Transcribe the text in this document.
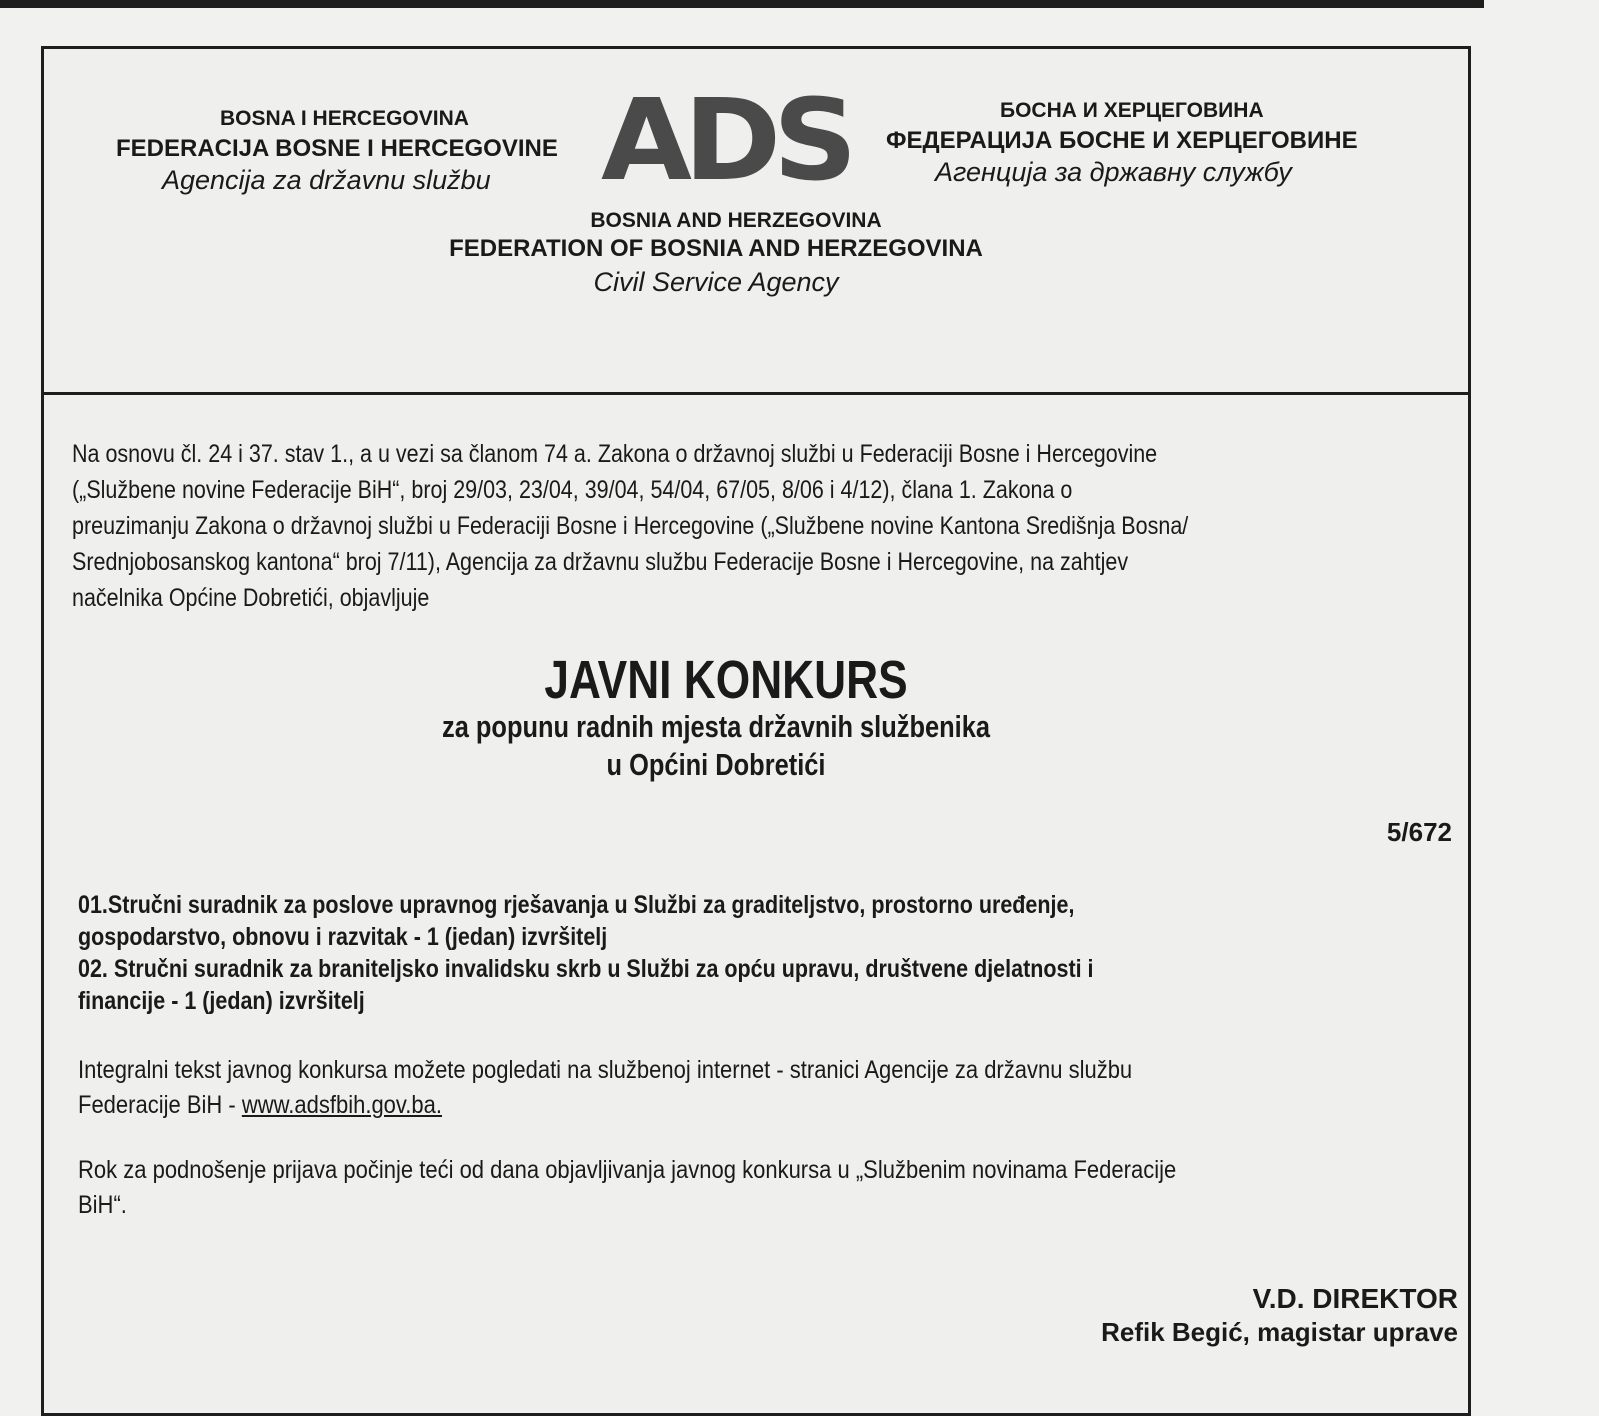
BOSNA I HERCEGOVINA
FEDERACIJA BOSNE I HERCEGOVINE
Agencija za državnu službu ADS	БОСНА И ХЕРЦЕГОВИНА
ФЕДЕРАЦИЈА БОСНЕ И ХЕРЦЕГОВИНЕ
Агенција за државну службу
BOSNIA AND HERZEGOVINA
FEDERATION OF BOSNIA AND HERZEGOVINA
Civil Service Agency
Na osnovu čl. 24 i 37. stav 1., a u vezi sa članom 74 a. Zakona o državnoj službi u Federaciji Bosne i Hercegovine
(„Službene novine Federacije BiH“, broj 29/03, 23/04, 39/04, 54/04, 67/05, 8/06 i 4/12), člana 1. Zakona o
preuzimanju Zakona o državnoj službi u Federaciji Bosne i Hercegovine („Službene novine Kantona Središnja Bosna/
Srednjobosanskog kantona“ broj 7/11), Agencija za državnu službu Federacije Bosne i Hercegovine, na zahtjev
načelnika Općine Dobretići, objavljuje
JAVNI KONKURS
za popunu radnih mjesta državnih službenika
u Općini Dobretići
5/672
01.Stručni suradnik za poslove upravnog rješavanja u Službi za graditeljstvo, prostorno uređenje,
gospodarstvo, obnovu i razvitak - 1 (jedan) izvršitelj
02. Stručni suradnik za braniteljsko invalidsku skrb u Službi za opću upravu, društvene djelatnosti i
financije - 1 (jedan) izvršitelj
Integralni tekst javnog konkursa možete pogledati na službenoj internet - stranici Agencije za državnu službu
Federacije BiH - www.adsfbih.gov.ba.
Rok za podnošenje prijava počinje teći od dana objavljivanja javnog konkursa u „Službenim novinama Federacije
BiH“.
V.D. DIREKTOR
Refik Begić, magistar uprave
